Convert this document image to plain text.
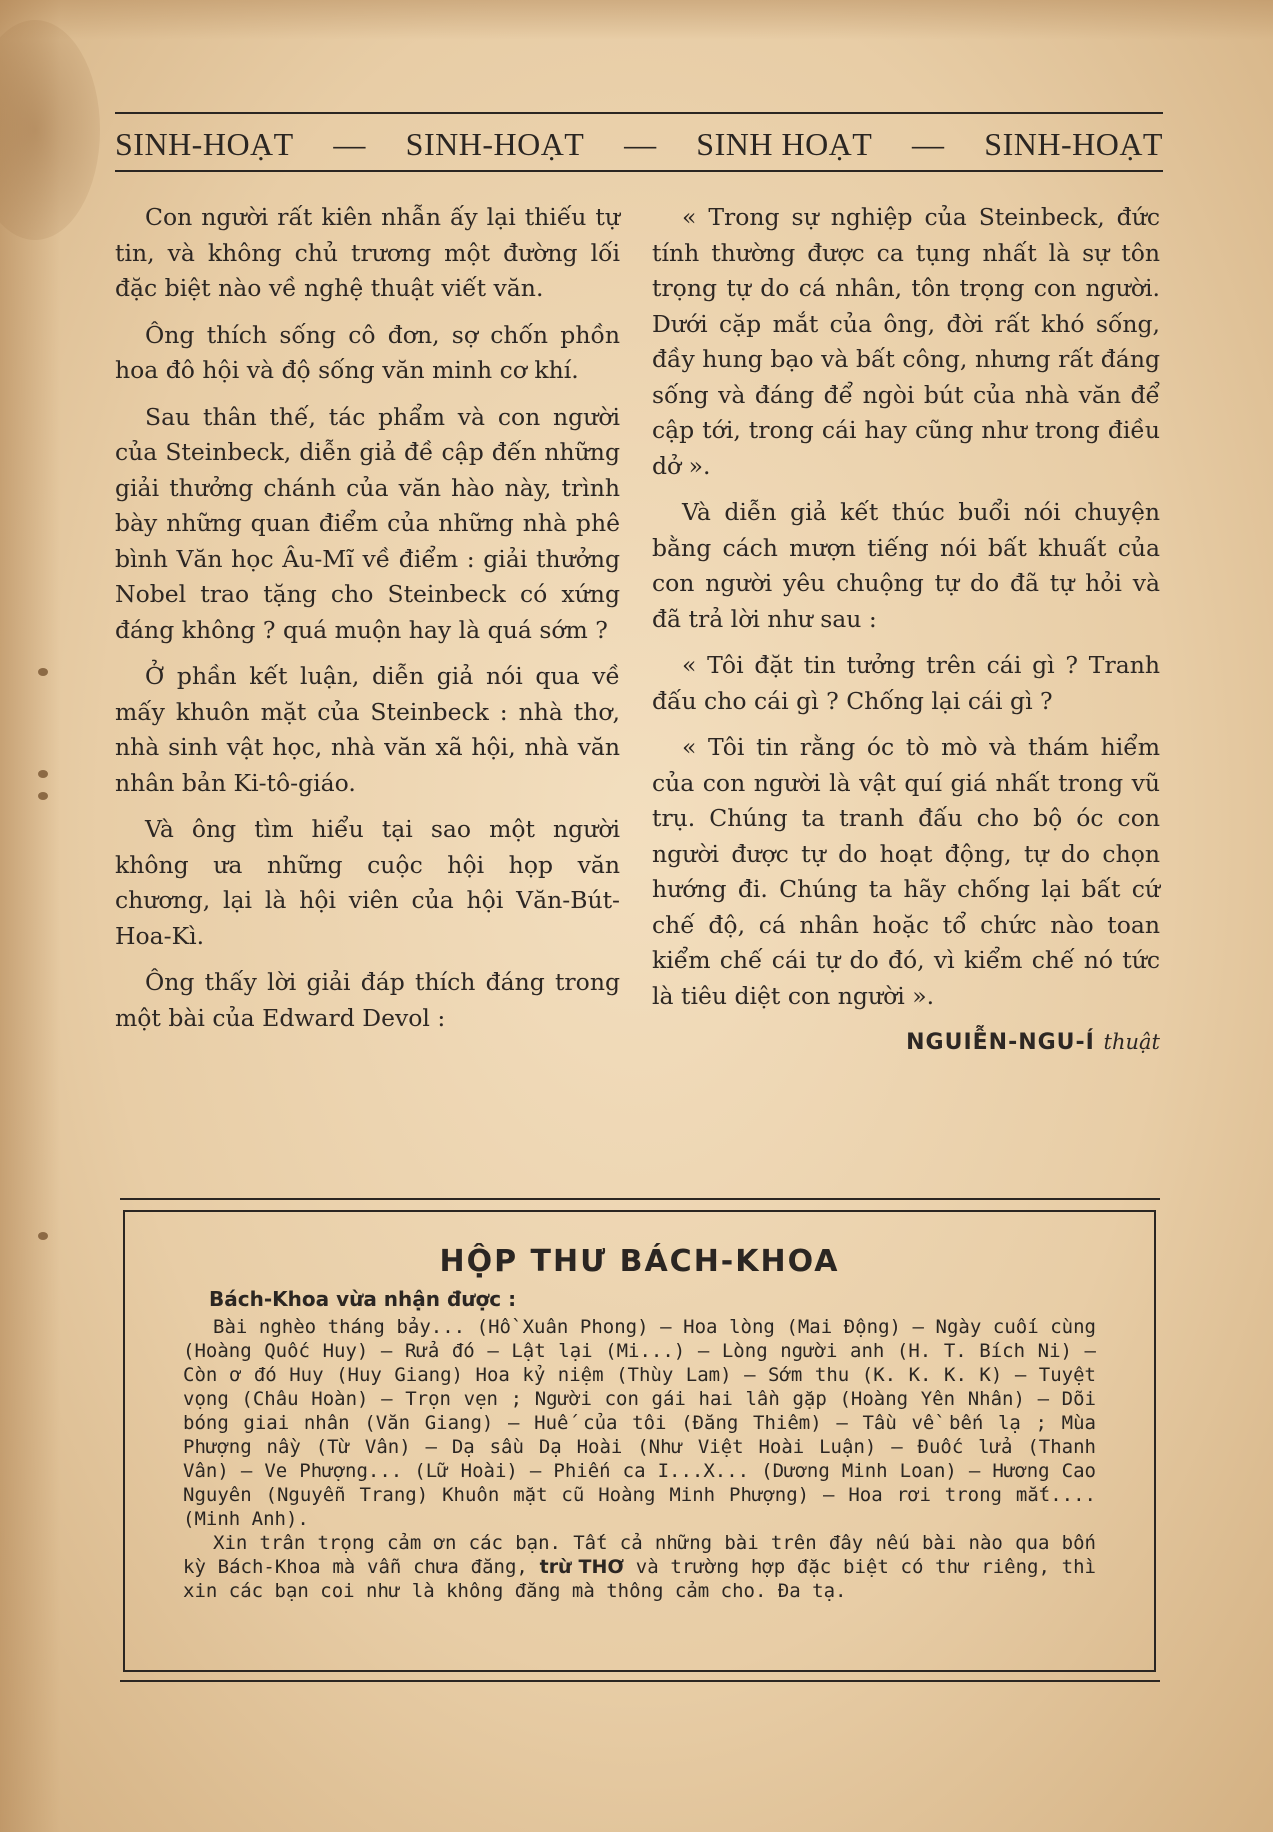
SINH-HOẠT — SINH-HOẠT — SINH HOẠT — SINH-HOẠT

Con người rất kiên nhẫn ấy lại thiếu tự tin, và không chủ trương một đường lối đặc biệt nào về nghệ thuật viết văn.

Ông thích sống cô đơn, sợ chốn phồn hoa đô hội và độ sống văn minh cơ khí.

Sau thân thế, tác phẩm và con người của Steinbeck, diễn giả đề cập đến những giải thưởng chánh của văn hào này, trình bày những quan điểm của những nhà phê bình Văn học Âu-Mĩ về điểm : giải thưởng Nobel trao tặng cho Steinbeck có xứng đáng không ? quá muộn hay là quá sớm ?

Ở phần kết luận, diễn giả nói qua về mấy khuôn mặt của Steinbeck : nhà thơ, nhà sinh vật học, nhà văn xã hội, nhà văn nhân bản Ki-tô-giáo.

Và ông tìm hiểu tại sao một người không ưa những cuộc hội họp văn chương, lại là hội viên của hội Văn-Bút-Hoa-Kì.

Ông thấy lời giải đáp thích đáng trong một bài của Edward Devol :

« Trong sự nghiệp của Steinbeck, đức tính thường được ca tụng nhất là sự tôn trọng tự do cá nhân, tôn trọng con người. Dưới cặp mắt của ông, đời rất khó sống, đầy hung bạo và bất công, nhưng rất đáng sống và đáng để ngòi bút của nhà văn để cập tới, trong cái hay cũng như trong điều dở ».

Và diễn giả kết thúc buổi nói chuyện bằng cách mượn tiếng nói bất khuất của con người yêu chuộng tự do đã tự hỏi và đã trả lời như sau :

« Tôi đặt tin tưởng trên cái gì ? Tranh đấu cho cái gì ? Chống lại cái gì ?

« Tôi tin rằng óc tò mò và thám hiểm của con người là vật quí giá nhất trong vũ trụ. Chúng ta tranh đấu cho bộ óc con người được tự do hoạt động, tự do chọn hướng đi. Chúng ta hãy chống lại bất cứ chế độ, cá nhân hoặc tổ chức nào toan kiểm chế cái tự do đó, vì kiểm chế nó tức là tiêu diệt con người ».

NGUIỄN-NGU-Í thuật
HỘP THƯ BÁCH-KHOA
Bách-Khoa vừa nhận được :

Bài nghèo tháng bảy... (Hồ Xuân Phong) — Hoa lòng (Mai Động) — Ngày cuối cùng (Hoàng Quốc Huy) — Rửa đó — Lật lại (Mi...) — Lòng người anh (H. T. Bích Ni) — Còn ơ đó Huy (Huy Giang) Hoa kỷ niệm (Thùy Lam) — Sớm thu (K. K. K. K) — Tuyệt vọng (Châu Hoàn) — Trọn vẹn ; Người con gái hai lần gặp (Hoàng Yên Nhân) — Dõi bóng giai nhân (Văn Giang) — Huế của tôi (Đăng Thiêm) — Tầu về bến lạ ; Mùa Phượng nầy (Từ Vân) — Dạ sầu Dạ Hoài (Như Việt Hoài Luận) — Đuốc lửa (Thanh Vân) — Ve Phượng... (Lữ Hoài) — Phiến ca I...X... (Dương Minh Loan) — Hương Cao Nguyên (Nguyễn Trang) Khuôn mặt cũ Hoàng Minh Phượng) — Hoa rơi trong mắt.... (Minh Anh).

Xin trân trọng cảm ơn các bạn. Tất cả những bài trên đây nếu bài nào qua bốn kỳ Bách-Khoa mà vẫn chưa đăng, trừ THƠ và trường hợp đặc biệt có thư riêng, thì xin các bạn coi như là không đăng mà thông cảm cho. Đa tạ.
